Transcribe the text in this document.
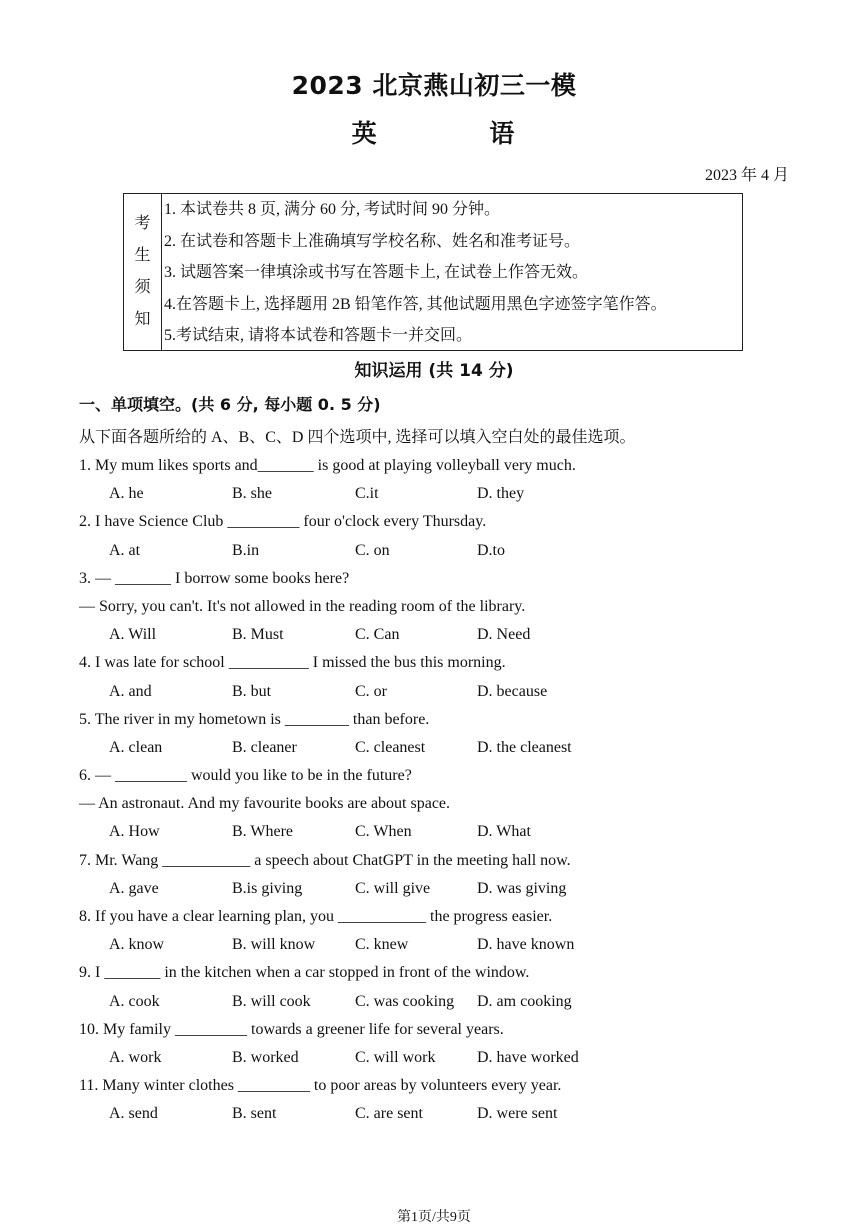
2023 北京燕山初三一模
英 语
2023 年 4 月
考
生
须
知
1. 本试卷共 8 页, 满分 60 分, 考试时间 90 分钟。
2. 在试卷和答题卡上准确填写学校名称、姓名和准考证号。
3. 试题答案一律填涂或书写在答题卡上, 在试卷上作答无效。
4.在答题卡上, 选择题用 2B 铅笔作答, 其他试题用黑色字迹签字笔作答。
5.考试结束, 请将本试卷和答题卡一并交回。
知识运用 (共 14 分)
一、单项填空。(共 6 分, 每小题 0. 5 分)
从下面各题所给的 A、B、C、D 四个选项中, 选择可以填入空白处的最佳选项。
1. My mum likes sports and_______ is good at playing volleyball very much.
A. he	B. she	C.it	D. they
2. I have Science Club _________ four o'clock every Thursday.
A. at	B.in	C. on	D.to
3. — _______ I borrow some books here?
— Sorry, you can't. It's not allowed in the reading room of the library.
A. Will	B. Must	C. Can	D. Need
4. I was late for school __________ I missed the bus this morning.
A. and	B. but	C. or	D. because
5. The river in my hometown is ________ than before.
A. clean	B. cleaner	C. cleanest	D. the cleanest
6. — _________ would you like to be in the future?
— An astronaut. And my favourite books are about space.
A. How	B. Where	C. When	D. What
7. Mr. Wang ___________ a speech about ChatGPT in the meeting hall now.
A. gave	B.is giving	C. will give	D. was giving
8. If you have a clear learning plan, you ___________ the progress easier.
A. know	B. will know C. knew	D. have known
9. I _______ in the kitchen when a car stopped in front of the window.
A. cook	B. will cook	C. was cooking D. am cooking
10. My family _________ towards a greener life for several years.
A. work	B. worked	C. will work	D. have worked
11. Many winter clothes _________ to poor areas by volunteers every year.
A. send	B. sent	C. are sent	D. were sent
第1页/共9页
